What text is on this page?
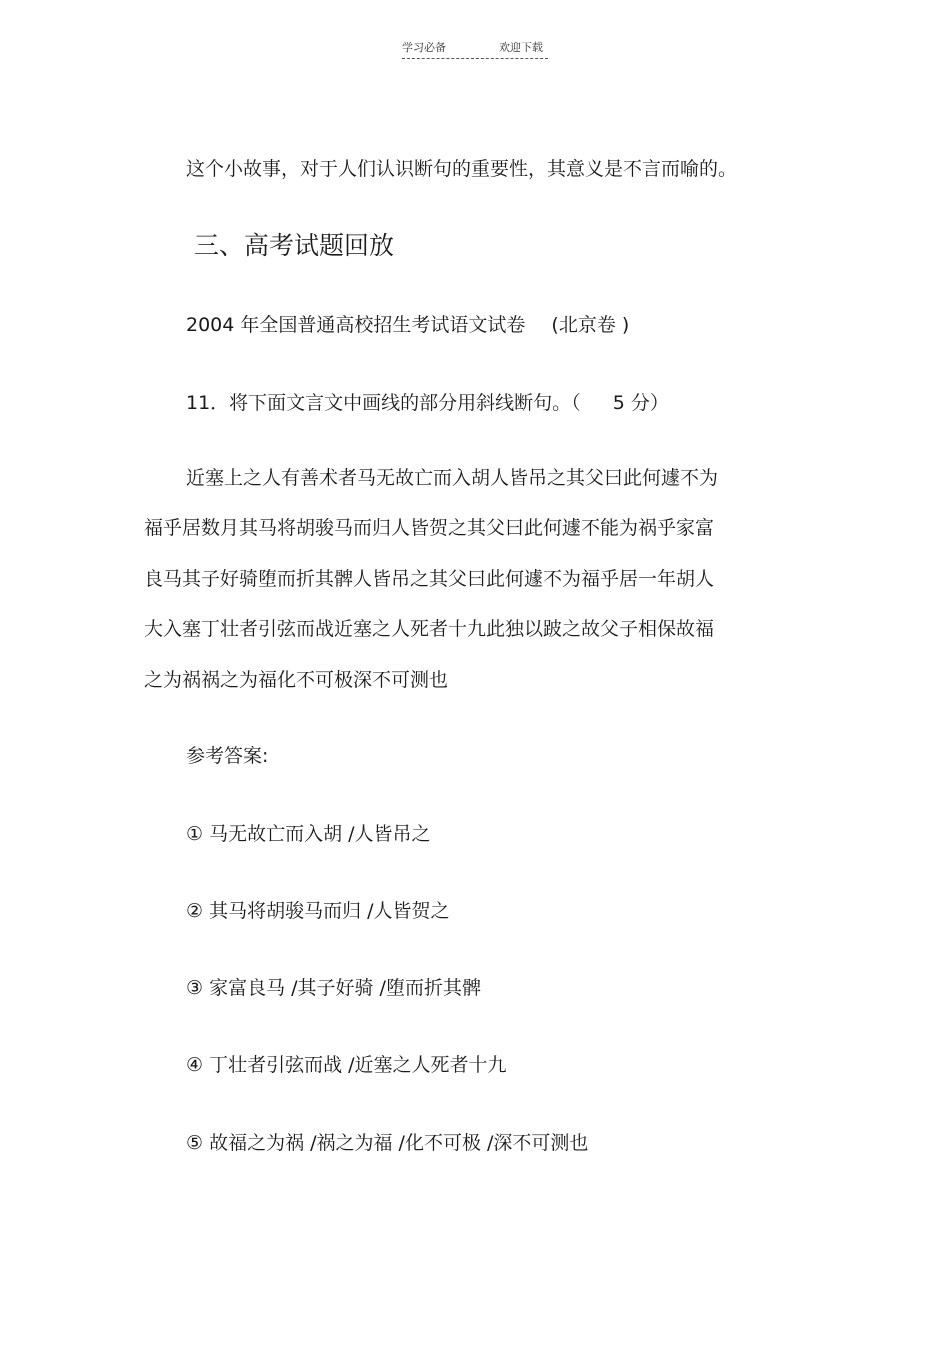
学习必备	欢迎下载
这个小故事，对于人们认识断句的重要性，其意义是不言而喻的。
三、高考试题回放
2004 年全国普通高校招生考试语文试卷 (北京卷 )
11．将下面文言文中画线的部分用斜线断句。（ 5 分）
近塞上之人有善术者马无故亡而入胡人皆吊之其父曰此何遽不为
福乎居数月其马将胡骏马而归人皆贺之其父曰此何遽不能为祸乎家富
良马其子好骑堕而折其髀人皆吊之其父曰此何遽不为福乎居一年胡人
大入塞丁壮者引弦而战近塞之人死者十九此独以跛之故父子相保故福
之为祸祸之为福化不可极深不可测也
参考答案:
① 马无故亡而入胡 /人皆吊之
② 其马将胡骏马而归 /人皆贺之
③ 家富良马 /其子好骑 /堕而折其髀
④ 丁壮者引弦而战 /近塞之人死者十九
⑤ 故福之为祸 /祸之为福 /化不可极 /深不可测也
